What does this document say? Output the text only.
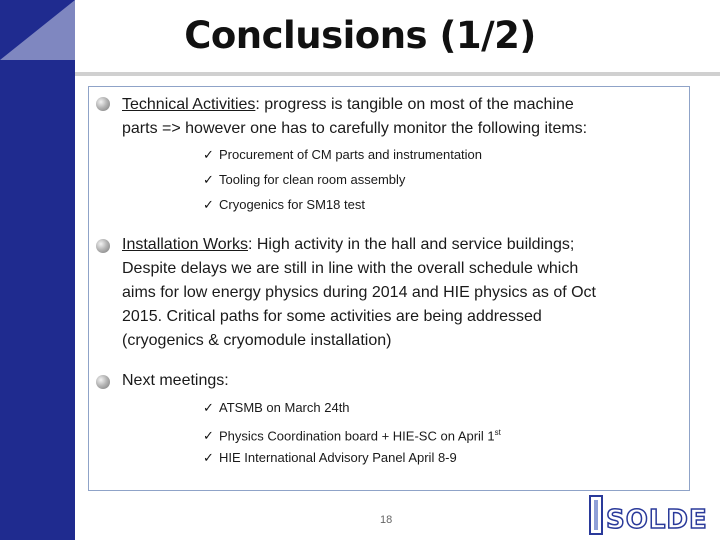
Conclusions (1/2)
Technical Activities: progress is tangible on most of the machine
parts => however one has to carefully monitor the following items:
✓ Procurement of CM parts and instrumentation
✓ Tooling for clean room assembly
✓ Cryogenics for SM18 test
Installation Works: High activity in the hall and service buildings;
Despite delays we are still in line with the overall schedule which
aims for low energy physics during 2014 and HIE physics as of Oct
2015. Critical paths for some activities are being addressed
(cryogenics & cryomodule installation)
Next meetings:
✓ ATSMB on March 24th
✓ Physics Coordination board + HIE-SC on April 1st
✓ HIE International Advisory Panel April 8-9
18	SOLDE
